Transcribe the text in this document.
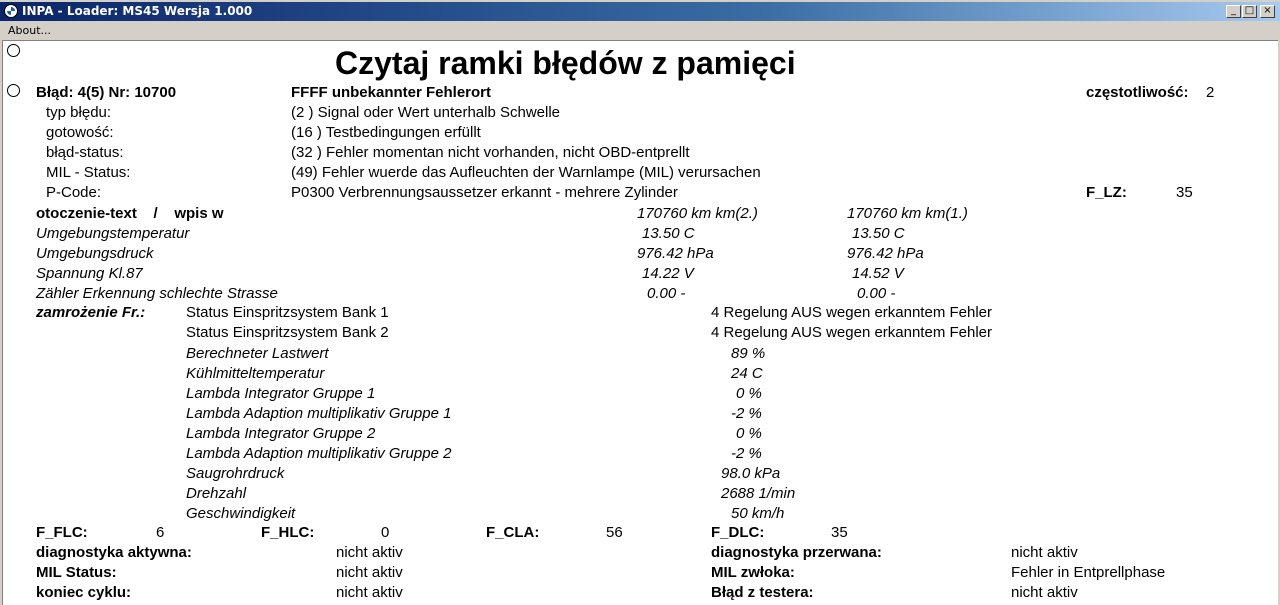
INPA - Loader: MS45 Wersja 1.000	_ □ ×
About...
Czytaj ramki błędów z pamięci
Błąd: 4(5) Nr: 10700	FFFF unbekannter Fehlerort	częstotliwość: 2
typ błędu:	(2 ) Signal oder Wert unterhalb Schwelle
gotowość:	(16 ) Testbedingungen erfüllt
błąd-status:	(32 ) Fehler momentan nicht vorhanden, nicht OBD-entprellt
MIL - Status:	(49) Fehler wuerde das Aufleuchten der Warnlampe (MIL) verursachen
P-Code:	P0300 Verbrennungsaussetzer erkannt - mehrere Zylinder	F_LZ:	35
otoczenie-text    /    wpis w	170760 km km(2.)	170760 km km(1.)
Umgebungstemperatur	13.50 C	13.50 C
Umgebungsdruck	976.42 hPa	976.42 hPa
Spannung Kl.87	14.22 V	14.52 V
Zähler Erkennung schlechte Strasse	0.00 -	0.00 -
zamrożenie Fr.:	Status Einspritzsystem Bank 1	4 Regelung AUS wegen erkanntem Fehler
Status Einspritzsystem Bank 2	4 Regelung AUS wegen erkanntem Fehler
Berechneter Lastwert	89 %
Kühlmitteltemperatur	24 C
Lambda Integrator Gruppe 1	0 %
Lambda Adaption multiplikativ Gruppe 1	-2 %
Lambda Integrator Gruppe 2	0 %
Lambda Adaption multiplikativ Gruppe 2	-2 %
Saugrohrdruck	98.0 kPa
Drehzahl	2688 1/min
Geschwindigkeit	50 km/h
F_FLC:	6	F_HLC:	0	F_CLA:	56	F_DLC:	35
diagnostyka aktywna:	nicht aktiv	diagnostyka przerwana:	nicht aktiv
MIL Status:	nicht aktiv	MIL zwłoka:	Fehler in Entprellphase
koniec cyklu:	nicht aktiv	Błąd z testera:	nicht aktiv
